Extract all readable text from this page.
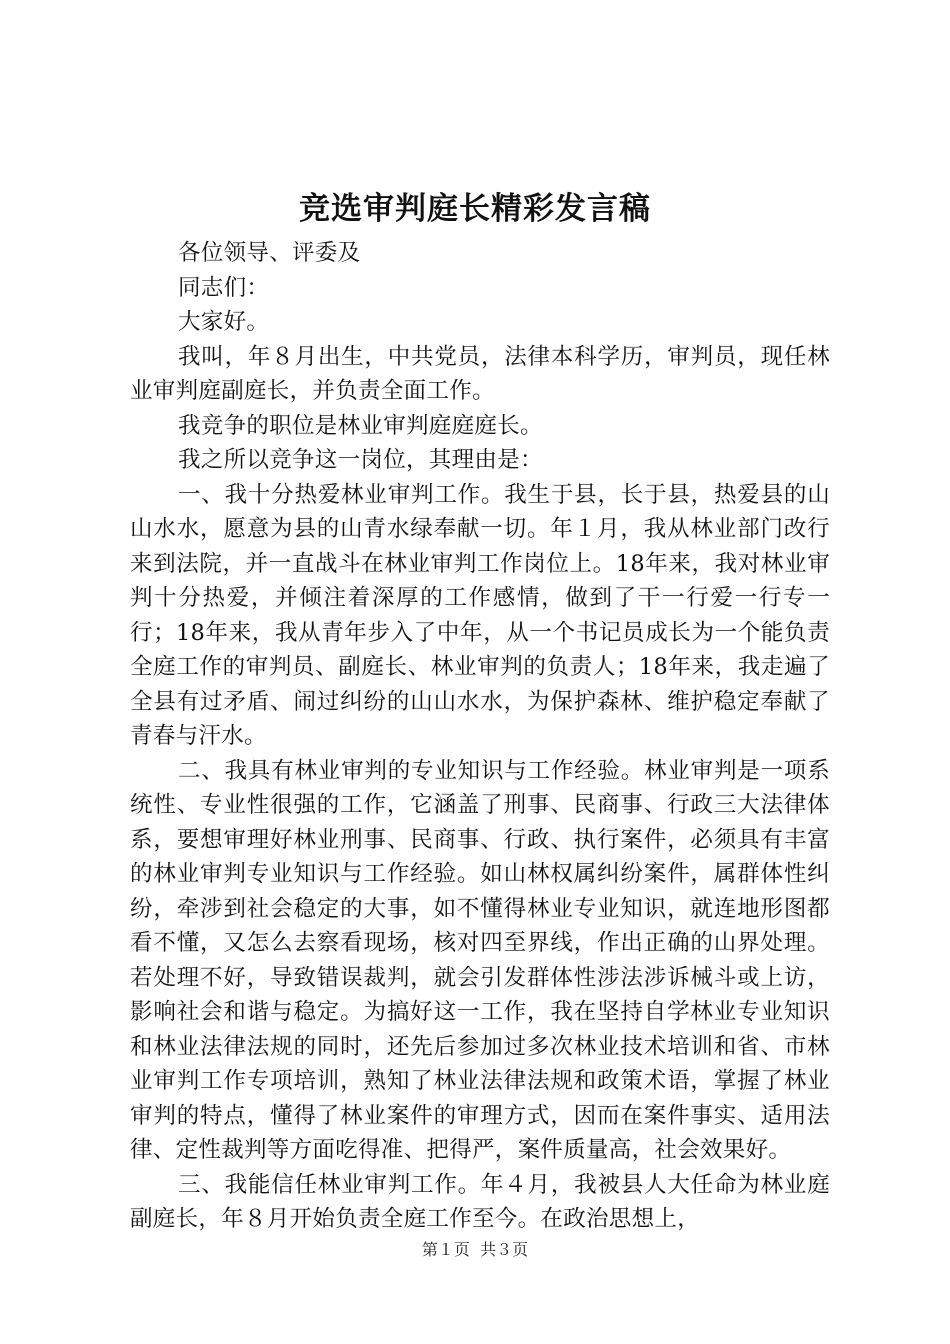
竞选审判庭长精彩发言稿

各位领导、评委及

同志们：

大家好。

我叫，年８月出生，中共党员，法律本科学历，审判员，现任林业审判庭副庭长，并负责全面工作。

我竞争的职位是林业审判庭庭庭长。

我之所以竞争这一岗位，其理由是：

一、我十分热爱林业审判工作。我生于县，长于县，热爱县的山山水水，愿意为县的山青水绿奉献一切。年１月，我从林业部门改行来到法院，并一直战斗在林业审判工作岗位上。18年来，我对林业审判十分热爱，并倾注着深厚的工作感情，做到了干一行爱一行专一行；18年来，我从青年步入了中年，从一个书记员成长为一个能负责全庭工作的审判员、副庭长、林业审判的负责人；18年来，我走遍了全县有过矛盾、闹过纠纷的山山水水，为保护森林、维护稳定奉献了青春与汗水。

二、我具有林业审判的专业知识与工作经验。林业审判是一项系统性、专业性很强的工作，它涵盖了刑事、民商事、行政三大法律体系，要想审理好林业刑事、民商事、行政、执行案件，必须具有丰富的林业审判专业知识与工作经验。如山林权属纠纷案件，属群体性纠纷，牵涉到社会稳定的大事，如不懂得林业专业知识，就连地形图都看不懂，又怎么去察看现场，核对四至界线，作出正确的山界处理。若处理不好，导致错误裁判，就会引发群体性涉法涉诉械斗或上访，影响社会和谐与稳定。为搞好这一工作，我在坚持自学林业专业知识和林业法律法规的同时，还先后参加过多次林业技术培训和省、市林业审判工作专项培训，熟知了林业法律法规和政策术语，掌握了林业审判的特点，懂得了林业案件的审理方式，因而在案件事实、适用法律、定性裁判等方面吃得准、把得严，案件质量高，社会效果好。

三、我能信任林业审判工作。年４月，我被县人大任命为林业庭副庭长，年８月开始负责全庭工作至今。在政治思想上，

第１页 共３页
